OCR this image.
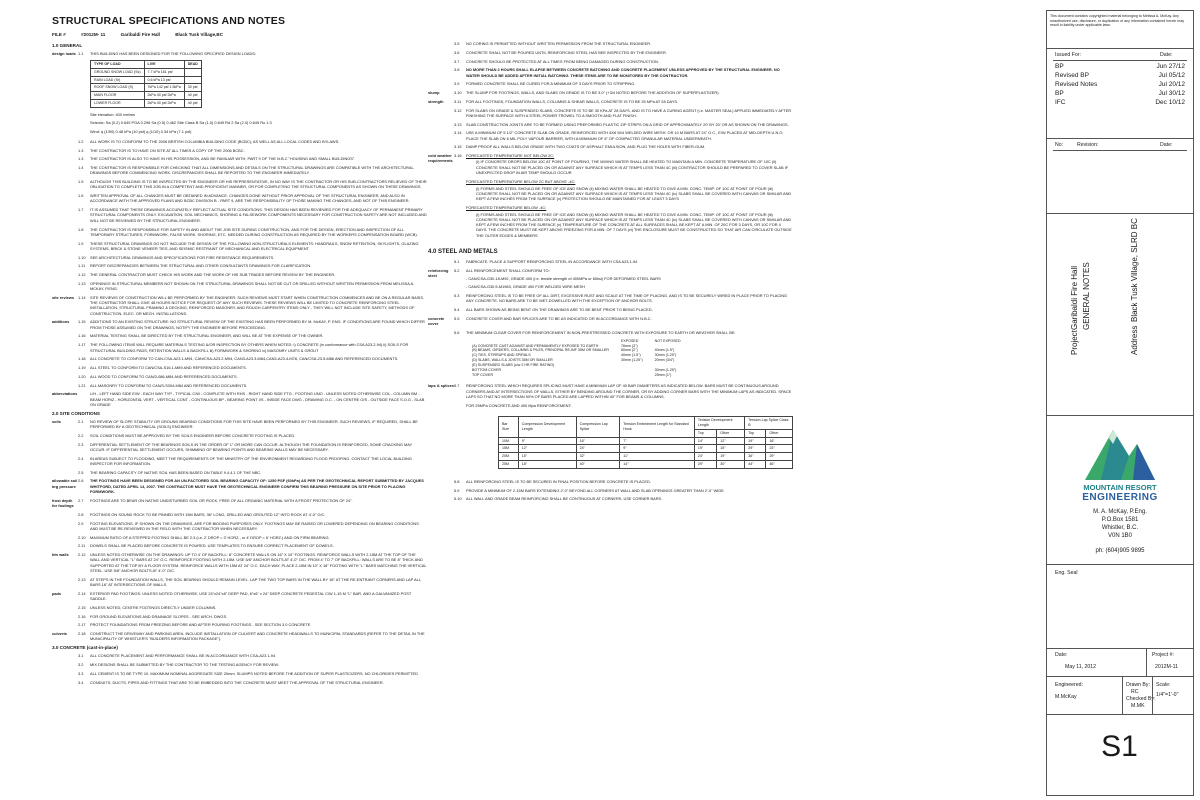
STRUCTURAL SPECIFICATIONS AND NOTES
FILE #	#2012M- 11	Garibaldi Fire Hall	Black Tusk Village,BC
1.0 GENERAL
design loads 1.1	THIS BUILDING HAS BEEN DESIGNED FOR THE FOLLOWING SPECIFIED DESIGN LOADS:
TYPE OF LOAD	LIVE	DEAD
GROUND SNOW LOAD (Ss)	7.7 kPa 161 psf	
RAIN LOAD (Sr)	0.6 kPa 13 psf	
ROOF SNOW LOAD (S)	7kPa 142 psf 1.5kPa	30 psf
MAIN FLOOR	2kPa 40 psf 2kPa	40 psf
LOWER FLOOR	2kPa 40 psf 2kPa	40 psf
Site elevation: 400 metres
Seismic: Sa (0.2) 0.649 PGA 0.296 Sa (0.5) 0.462 Site Class B Sa (1.0) 0.649 Rd 2 Sa (2.0) 0.649 Ro 1.3
Wind: q (1/50) 0.48 kPa (10 psf) q (1/10) 0.34 kPa (7.1 psf)
1.2	ALL WORK IS TO CONFORM TO THE 2006 BRITISH COLUMBIA BUILDING CODE (BCBC), AS WELL AS ALL LOCAL CODES AND BYLAWS.
1.3	THE CONTRACTOR IS TO HAVE ON SITE AT ALL TIMES A COPY OF THE 2006 BCBC.
1.3	THE CONTRACTOR IS ALSO TO HAVE IN HIS POSSESSION, AND BE FAMILIAR WITH, PART 9 OF THE N.B.C "HOUSING AND SMALL BUILDINGS".
1.4	THE CONTRACTOR IS RESPONSIBLE FOR CHECKING THAT ALL DIMENSIONS AND DETAILS ON THE STRUCTURAL DRAWINGS ARE COMPATIBLE WITH THE ARCHITECTURAL DRAWINGS BEFORE COMMENCING WORK. DISCREPANCIES SHALL BE REPORTED TO THE ENGINEER IMMEDIATELY.
1.5	ALTHOUGH THIS BUILDING IS TO BE INSPECTED BY THE ENGINEER OR HIS REPRESENTATIVE, IN NO WAY IS THE CONTRACTOR OR HIS SUB-CONTRACTORS RELIEVED OF THEIR OBLIGATION TO COMPLETE THIS JOB IN A COMPETENT AND PROFICIENT MANNER, OR FOR COMPLETING THE STRUCTURAL COMPONENTS AS SHOWN ON THESE DRAWINGS.
1.6	WRITTEN APPROVAL OF ALL CHANGES MUST BE OBTAINED IN ADVANCE. CHANGES DONE WITHOUT PRIOR APPROVAL OF THE STRUCTURAL ENGINEER, AND ALSO IN ACCORDANCE WITH THE APPROVED PLANS AND BCBC DIVISION B - PART 9, ARE THE RESPONSIBILITY OF THOSE MAKING THE CHANGES, AND NOT OF THIS ENGINEER.
1.7	IT IS ASSUMED THAT THESE DRAWINGS ACCURATELY REFLECT ACTUAL SITE CONDITIONS. THIS DESIGN HAS BEEN REVIEWED FOR THE ADEQUACY OF PERMANENT PRIMARY STRUCTURAL COMPONENTS ONLY. EXCAVATION, SOIL MECHANICS, SHORING & FALSEWORK COMPONENTS NECESSARY FOR CONSTRUCTION SAFETY ARE NOT INCLUDED AND WILL NOT BE REVIEWED BY THE STRUCTURAL ENGINEER.
1.8	THE CONTRACTOR IS RESPONSIBLE FOR SAFETY IN AND ABOUT THE JOB SITE DURING CONSTRUCTION, AND FOR THE DESIGN, ERECTION AND INSPECTION OF ALL TEMPORARY STRUCTURES, FORMWORK, FALSE WORK, SHORING, ETC. NEEDED DURING CONSTRUCTION AS REQUIRED BY THE WORKERS COMPENSATION BOARD (WCB).
1.9	THESE STRUCTURAL DRAWINGS DO NOT INCLUDE THE DESIGN OF THE FOLLOWING NON-STRUCTURALS ELEMENTS: HANDRAILS, SNOW RETENTION, SKYLIGHTS, GLAZING SYSTEMS, BRICK & STONE VENEER TIES, AND SEISMIC RESTRAINT OF MECHANICAL AND ELECTRICAL EQUIPMENT.
1.10	SEE ARCHITECTURAL DRAWINGS AND SPECIFICATIONS FOR FIRE RESISTANCE REQUIREMENTS.
1.11	REPORT DISCREPANCIES BETWEEN THE STRUCTURAL AND OTHER CONSULTANTS DRAWINGS FOR CLARIFICATION.
1.12	THE GENERAL CONTRACTOR MUST CHECK HIS WORK AND THE WORK OF HIS SUB TRADES BEFORE REVIEW BY THE ENGINEER.
1.13	OPENINGS IN STRUCTURAL MEMBERS NOT SHOWN ON THE STRUCTURAL DRAWINGS SHALL NOT BE CUT OR DRILLED WITHOUT WRITTEN PERMISSION FROM MELISSA A. MCKAY, P.ENG.
site reviews	1.14	SITE REVIEWS OF CONSTRUCTION WILL BE PERFORMED BY THE ENGINEER. SUCH REVIEWS MUST START WHEN CONSTRUCTION COMMENCES AND BE ON A REGULAR BASIS. THE CONTRACTOR SHALL GIVE 48 HOURS NOTICE FOR REQUEST OF ANY SUCH REVIEWS. THESE REVIEWS WILL BE LIMITED TO CONCRETE REINFORCING STEEL INSTALLATION, STRUCTURAL FRAMING & DECKING, REINFORCED MASONRY, AND ROUGH CARPENTRY ITEMS ONLY - THEY WILL NOT INCLUDE SITE SAFETY, METHODS OF CONSTRUCTION, ELEC. OR MECH. INSTALLATIONS.
additions	1.15	ADDITIONS TO AN EXISTING STRUCTURE: NO STRUCTURAL REVIEW OF THE EXISTING HAS BEEN PERFORMED BY M. McKAY, P. ENG. IF CONDITIONS ARE FOUND WHICH DIFFER FROM THOSE ASSUMED ON THE DRAWINGS, NOTIFY THE ENGINEER BEFORE PROCEEDING.
1.16	MATERIAL TESTING SHALL BE DIRECTED BY THE STRUCTURAL ENGINEER, AND WILL BE AT THE EXPENSE OF THE OWNER.
1.17	THE FOLLOWING ITEMS WILL REQUIRE MATERIALS TESTING &/OR INSPECTION BY OTHERS WHEN NOTED: i) CONCRETE (in conformance with CSA A23.2-94) ii) SOILS FOR STRUCTURAL BUILDING PADS, RETENTION WALLS & BACKFILL iii) FORMWORK & SHORING iv) MASONRY UNITS & GROUT
1.18	ALL CONCRETE TO CONFORM TO CAN-CSA-A23.1-M94, CAN/CSA-A23.2-M94, CAN3-A23.3-M84,CAN3-A23.4-M78, CAN/CSA-23.5-M86 AND REFERENCED DOCUMENTS.
1.19	ALL STEEL TO CONFORM TO CAN/CSA-S16.1-M89 AND REFERENCED DOCUMENTS.
1.20	ALL WOOD TO CONFORM TO CAN/3-086-M84 AND REFERENCED DOCUMENTS.
1.21	ALL MASONRY TO CONFORM TO CAN/3-S304-M84 AND REFERENCED DOCUMENTS.
abbreviations	L/H - LEFT HAND SIDE E/W - EACH WAY TYP - TYPICAL C/W - COMPLETE WITH RHS - RIGHT HAND SIDE FTG - FOOTING UNO - UNLESS NOTED OTHERWISE COL - COLUMN BM - BEAM HORIZ - HORIZONTAL VERT - VERTICAL CONT - CONTINUOUS BP - BEARING POINT I/S - INSIDE FACE DWG - DRAWING O.C. - ON CENTRE O/S - OUTSIDE FACE S.O.G - SLAB ON GRADE
2.0 SITE CONDITIONS
soils	2.1	NO REVIEW OF SLOPE STABILITY OR GROUND BEARING CONDITIONS FOR THIS SITE HAVE BEEN PERFORMED BY THIS ENGINEER. SUCH REVIEWS, IF REQUIRED, SHALL BE PERFORMED BY A GEOTECHNICAL (SOILS) ENGINEER.
2.2	SOIL CONDITIONS MUST BE APPROVED BY THE SOILS ENGINEER BEFORE CONCRETE FOOTING IS PLACED.
2.3	DIFFERENTIAL SETTLEMENT OF THE BEARINGS SOILS IN THE ORDER OF 1" OR MORE CAN OCCUR. ALTHOUGH THE FOUNDATION IS REINFORCED, SOME CRACKING MAY OCCUR. IF DIFFERENTIAL SETTLEMENT OCCURS, SHIMMING OF BEARING POINTS AND BEARING WALLS MAY BE NECESSARY.
2.4	IN AREAS SUBJECT TO FLOODING, MEET THE REQUIREMENTS OF THE MINISTRY OF THE ENVIRONMENT REGARDING FLOOD PROOFING. CONTACT THE LOCAL BUILDING INSPECTOR FOR INFORMATION.
2.5	THE BEARING CAPACITY OF NATIVE SOIL HAS BEEN BASED ON TABLE 9.4.4.1 OF THE NBC.
allowable soil brg pressure
2.6	THE FOOTINGS HAVE BEEN DESIGNED FOR AN UN-FACTORED SOIL BEARING CAPACITY OF: 1250 PSF (60kPa) AS PER THE GEOTECHNICAL REPORT SUBMITTED BY JACQUES WHITFORD, DATED APRIL 14, 2007. THE CONTRACTOR MUST HAVE THE GEOTECHNICAL ENGINEER CONFIRM THIS BEARING PRESSURE ON SITE PRIOR TO PLACING FORMWORK.
frost depth for footings
2.7	FOOTINGS ARE TO BEAR ON NATIVE UNDISTURBED SOIL OR ROCK, FREE OF ALL ORGANIC MATERIAL WITH A FROST PROTECTION OF 24".
2.8	FOOTINGS ON SOUND ROCK TO BE PINNED WITH 15M BARS, 36" LONG, DRILLED AND GROUTED 12" INTO ROCK AT 4'-0" O/C.
2.9	FOOTING ELEVATIONS, IF SHOWN ON THE DRAWINGS, ARE FOR BIDDING PURPOSES ONLY. FOOTINGS MAY BE RAISED OR LOWERED DEPENDING ON BEARING CONDITIONS AND MUST BE RE-REVIEWED IN THE FIELD WITH THE CONTRACTOR WHEN NECESSARY.
2.10	MAXIMUM RATIO OF A STEPPED FOOTING SHALL BE 2:3 (i.e. 2' DROP = 3' HORZ., or 4' DROP = 6' HORZ.) AND ON FIRM BEARING.
2.11	DOWELS SHALL BE PLACED BEFORE CONCRETE IS POURED. USE TEMPLATES TO ENSURE CORRECT PLACEMENT OF DOWELS.
fdn walls	2.12	UNLESS NOTED OTHERWISE ON THE DRAWINGS: UP TO 4' OF BACKFILL: 8" CONCRETE WALLS ON 16" X 10" FOOTINGS. REINFORCE WALLS WITH 2-15M AT THE TOP OF THE WALL AND VERTICAL "L" BARS AT 24" O.C. REINFORCE FOOTING WITH 2-15M. USE 5/8" ANCHOR BOLTS AT 4'-0" O/C. FROM 4' TO 7' OF BACKFILL: WALLS ARE TO BE 8" THICK AND SUPPORTED AT THE TOP BY A FLOOR SYSTEM. REINFORCE WALLS WITH 15M AT 24" O.C. EACH WAY. PLACE 2-15M IN 10" X 18" FOOTING WITH "L" BARS MATCHING THE VERTICAL STEEL. USE 5/8" ANCHOR BOLTS AT 4'-0" O/C.
2.13	AT STEPS IN THE FOUNDATION WALLS, THE SOIL BEARING SHOULD REMAIN LEVEL. LAP THE TWO TOP BARS IN THE WALL BY 16" AT THE RE-ENTRANT CORNERS AND LAP ALL BARS 16" AT INTERSECTIONS OF WALLS.
pads	2.14	EXTERIOR PAD FOOTINGS: UNLESS NOTED OTHERWISE, USE 24"x24"x8" DEEP PAD, 6"x6" x 24" DEEP CONCRETE PEDESTAL C/W 1-15 M "L" BAR, AND A GALVANIZED POST SADDLE.
2.15	UNLESS NOTED, CENTRE FOOTINGS DIRECTLY UNDER COLUMNS.
2.16	FOR GROUND ELEVATIONS AND DRAINAGE SLOPES - SEE ARCH. DWGS.
2.17	PROTECT FOUNDATIONS FROM FREEZING BEFORE AND AFTER POURING FOOTINGS - SEE SECTION 3.0 CONCRETE
culverts	2.18	CONSTRUCT THE DRIVEWAY AND PARKING AREA, INCLUDE INSTALLATION OF CULVERT AND CONCRETE HEADWALLS TO MUNICIPAL STANDARDS (REFER TO THE DETAIL IN THE MUNICIPALITY OF WHISTLER'S "BUILDERS INFORMATION PACKAGE").
3.0 CONCRETE (cast-in-place)
3.1	ALL CONCRETE PLACEMENT AND PERFORMANCE SHALL BE IN ACCORDANCE WITH CSA-A23.1-94
3.2	MIX DESIGNS SHALL BE SUBMITTED BY THE CONTRACTOR TO THE TESTING AGENCY FOR REVIEW.
3.3	ALL CEMENT IS TO BE TYPE 10. MAXIMUM NOMINAL AGGREGATE SIZE 20mm. SLUMPS NOTED BEFORE THE ADDITION OF SUPER PLASTICIZERS. NO CHLORIDES PERMITTED
3.4	CONDUITS, DUCTS, PIPES AND FITTINGS THAT ARE TO BE EMBEDDED INTO THE CONCRETE MUST MEET THE APPROVAL OF THE STRUCTURAL ENGINEER.
3.5	NO CORING IS PERMITTED WITHOUT WRITTEN PERMISSION FROM THE STRUCTURAL ENGINEER.
3.6	CONCRETE SHALL NOT BE POURED UNTIL REINFORCING STEEL HAS BEE INSPECTED BY THE ENGINEER.
3.7	CONCRETE SHOULD BE PROTECTED AT ALL TIMES FROM BEING DAMAGED DURING CONSTRUCTION.
3.8	NO MORE THAN 2 HOURS SHALL ELAPSE BETWEEN CONCRETE BATCHING AND CONCRETE PLACEMENT UNLESS APPROVED BY THE STRUCTURAL ENGINEER. NO WATER SHOULD BE ADDED AFTER INITIAL BATCHING. THESE ITEMS ARE TO BE MONITORED BY THE CONTRACTOR.
3.9	FORMED CONCRETE SHALL BE CURED FOR A MINIMUM OF 3 DAYS PRIOR TO STRIPPING.
slump	3.10	THE SLUMP FOR FOOTINGS, WALLS, AND SLABS ON GRADE IS TO BE 3.0" (+3/4 NOTED BEFORE THE ADDITION OF SUPERPLASTIZER).
strength	3.11	FOR ALL FOOTINGS, FOUNDATION WALLS, COLUMNS & SHEAR WALLS, CONCRETE IS TO BE 25 MPa AT 28 DAYS.
3.12	FOR SLABS ON GRADE & SUSPENDED SLABS, CONCRETE IS TO BE 30 KPa AT 28 DAYS, AND IS TO HAVE A CURING AGENT (i.e. MASTER SEAL) APPLIED IMMEDIATELY AFTER FINISHING THE SURFACE WITH A STEEL POWER TROWEL TO A SMOOTH AND FLAT FINISH.
3.13	SLAB CONSTRUCTION JOINTS ARE TO BE FORMED USING PREFORMED PLASTIC ZIP STRIPS ON A GRID OF APPROXIMATELY 20' BY 20' OR AS SHOWN ON THE DRAWINGS.
3.14	USE A MINIMUM OF 5 1/2" CONCRETE SLAB ON GRADE, REINFORCED WITH 6X6 W/4 WELDED WIRE MESH. OR 10 M BARS AT 24" O.C., E/W PLACED AT MID-DEPTH U.N.O. PLACE THE SLAB ON 6 MIL POLY VAPOUR BARRIER, WITH A MINIMUM OF 6" OF COMPACTED GRANULAR MATERIAL UNDERNEATH.
3.15	DAMP PROOF ALL WALLS BELOW GRADE WITH TWO COATS OF ASPHALT EMULSION, AND PLUG THE HOLES WITH FIBER-GUM.
cold weather requirements
3.16	FORECASTED TEMPERATURE NOT BELOW 2C:
(i) IF CONCRETE DROPS BELOW 10C AT POINT OF POURING, THE MIXING WATER SHALL BE HEATED TO MAINTAIN A MIN. CONCRETE TEMPERATURE OF 10C (ii) CONCRETE SHALL NOT BE PLACED ON OR AGAINST ANY SURFACE WHICH IS AT TEMPS LESS THAN 4C (iii) CONTRACTOR SHOULD BE PREPARED TO COVER SLAB IF UNEXPECTED DROP IN AIR TEMP SHOULD OCCUR
FORECASTED TEMPERATURE BELOW 2C BUT ABOVE -4C:
(i) FORMS AND STEEL SHOULD BE FREE OF ICE AND SNOW (ii) MIXING WATER SHALL BE HEATED TO GIVE A MIN. CONC. TEMP. OF 10C AT POINT OF POUR (iii) CONCRETE SHALL NOT BE PLACED ON OR AGAINST ANY SURFACE WHICH IS AT TEMPS LESS THAN 4C (iv) SLABS SHALL BE COVERED WITH CANVAS OR SIMILAR AND KEPT A FEW INCHES FROM THE SURFACE (v) PROTECTION SHOULD BE MAINTAINED FOR AT LEAST 3 DAYS
FORECASTED TEMPERATURE BELOW -4C:
(i) FORMS AND STEEL SHOULD BE FREE OF ICE AND SNOW (ii) MIXING WATER SHALL BE HEATED TO GIVE A MIN. CONC. TEMP. OF 10C AT POINT OF POUR (iii) CONCRETE SHALL NOT BE PLACED ON OR AGAINST ANY SURFACE WHICH IS AT TEMPS LESS THAN 4C (iv) SLABS SHALL BE COVERED WITH CANVAS OR SIMILAR AND KEPT A FEW INCHES FROM THE SURFACE (v) TEMPERATURE OF THE CONCRETE AT ALL SURFACES SHALL BE KEPT AT A MIN. OF 20C FOR 3 DAYS, OR 10C FOR 4 DAYS. THE CONCRETE MUST BE KEPT ABOVE FREEZING FOR A MIN. OF 7 DAYS (vi) THE ENCLOSURE MUST BE CONSTRUCTED SO THAT AIR CAN CIRCULATE OUTSIDE THE OUTER EDGES & MEMBERS
4.0 STEEL AND METALS
5.1	FABRICATE, PLACE & SUPPORT REINFORCING STEEL IN ACCORDANCE WITH CSA A23.1-94
reinforcing steel
5.2	ALL REINFORCEMENT SHALL CONFORM TO:
- CAN/CSA-G30.18-M92, GRADE 400 (i.e. tensile strength of 400MPa or 60ksi) FOR DEFORMED STEEL BARS
- CAN/CSA-G30.5-M1983, GRADE 400 FOR WELDED WIRE MESH
5.3	REINFORCING STEEL IS TO BE FREE OF ALL DIRT, EXCESSIVE RUST AND SCALE AT THE TIME OF PLACING, AND IS TO BE SECURELY WIRED IN PLACE PRIOR TO PLACING ANY CONCRETE. NO BARS ARE TO BE WET-DOWELLED WITH THE EXCEPTION OF ANCHOR BOLTS.
5.4	ALL BARS SHOWN AS BEING BENT ON THE DRAWINGS ARE TO BE BENT PRIOR TO BEING PLACED.
concrete cover
5.5	CONCRETE COVER AND BAR SPLICES ARE TO BE AS INDICATED OR IN ACCORDANCE WITH N.B.C.
5.6	THE MINIMUM CLEAR COVER FOR REINFORCEMENT IN NON-PRESTRESSED CONCRETE WITH EXPOSURE TO EARTH OR WEATHER SHALL BE:
	EXPOSED	NOT EXPOSED
(A) CONCRETE CAST AGAINST AND PERMANENTLY EXPOSED TO EARTH	76mm (3")	
(B) BEAMS, GIRDERS, COLUMNS & PILES, PRINCIPAL RE-INF 35M OR SMALLER	60mm (2")	40mm (1.5")
(C) TIES, STIRRUPS AND SPIRALS	40mm (1.5")	30mm (1.25")
(D) SLABS, WALLS & JOISTS 35M OR SMALLER	30mm (1.25")	20mm (3/4")
(E) SUSPENDED SLABS (c/w 2 HR FIRE RATING)		
BOTTOM COVER		30mm (1.25")
TOP COVER		25mm (1")
laps & splices 5.7	REINFORCING STEEL WHICH REQUIRES SPLICING MUST HAVE A MINIMUM LAP OF 40 BAR DIAMETERS AS INDICATED BELOW. BARS MUST BE CONTINUOUS AROUND CORNERS AND AT INTERSECTIONS OF WALLS, EITHER BY BENDING AROUND THE CORNER, OR BY ADDING CORNER BARS WITH THE MINIMUM LAPS AS INDICATED. SPACE LAPS SO THAT NO MORE THAN 50% OF BARS PLACED ARE LAPPED WITHIN 40" FOR BEAMS & COLUMNS.
FOR 25MPa CONCRETE AND 400 Mpa REINFORCEMENT:
Bar Size	Compression Development Length	Compression Lap Splice	Tension Embedment Length for Standard Hook	Tension Development Length		Tension Lap Splice Class B	
				Top	Other	Top	Other
10M	9"	16"	7"	14"	12"	19"	16"
15M	12"	24"	9"	19"	15"	29"	23"
20M	15"	32"	11"	24"	19"	36"	29"
25M	18"	40"	14"	29"	30"	44"	46"
5.8	ALL REINFORCING STEEL IS TO BE SECURED IN FINAL POSITION BEFORE CONCRETE IS PLACED.
5.9	PROVIDE A MINIMUM OF 2-15M BARS EXTENDING 2'-0" BEYOND ALL CORNERS AT WALL AND SLAB OPENINGS GREATER THAN 2'-0" WIDE.
5.10	ALL WALL AND GRADE BEAM REINFORCING SHALL BE CONTINUOUS AT CORNERS. USE CORNER BARS.
This document contains copyrighted material belonging to Melissa A. McKay. Any unauthorized use, disclosure, or duplication of any information contained herein may result in liability under applicable laws.
Issued For:	Date:
BP	Jun 27/12
Revised BP	Jul 05/12
Revised Notes	Jul 20/12
BP	Jul 30/12
IFC	Dec 10/12
No:	Revision:	Date:
Project
Garibaldi Fire Hall GENERAL NOTES
Address
Black Tusk Village, SLRD BC
MOUNTAIN RESORT
ENGINEERING
M. A. McKay, P.Eng.
P.O.Box 1581
Whistler, B.C.
V0N 1B0
ph: (604)905 9895
Eng. Seal
Date:
May 11, 2012
Project #:
2012M-11
Engineered:
M.McKay
Drawn By:
RC
Checked By:
M.MK
Scale:
1/4"=1'-0"
S1
